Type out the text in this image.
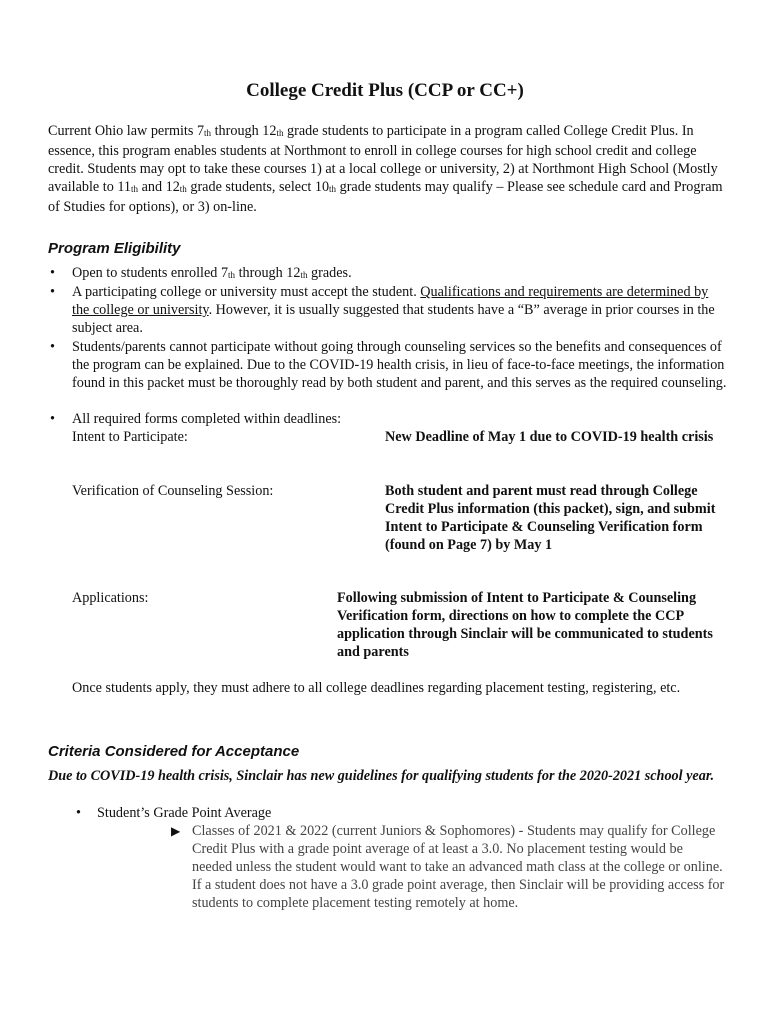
College Credit Plus (CCP or CC+)
Current Ohio law permits 7th through 12th grade students to participate in a program called College Credit Plus. In essence, this program enables students at Northmont to enroll in college courses for high school credit and college credit. Students may opt to take these courses 1) at a local college or university, 2) at Northmont High School (Mostly available to 11th and 12th grade students, select 10th grade students may qualify – Please see schedule card and Program of Studies for options), or 3) on-line.
Program Eligibility
• Open to students enrolled 7th through 12th grades.
• A participating college or university must accept the student. Qualifications and requirements are determined by the college or university. However, it is usually suggested that students have a “B” average in prior courses in the subject area.
• Students/parents cannot participate without going through counseling services so the benefits and consequences of the program can be explained. Due to the COVID-19 health crisis, in lieu of face-to-face meetings, the information found in this packet must be thoroughly read by both student and parent, and this serves as the required counseling.
• All required forms completed within deadlines:
Intent to Participate:	New Deadline of May 1 due to COVID-19 health crisis
Verification of Counseling Session:	Both student and parent must read through College Credit Plus information (this packet), sign, and submit Intent to Participate & Counseling Verification form (found on Page 7) by May 1
Applications:	Following submission of Intent to Participate & Counseling Verification form, directions on how to complete the CCP application through Sinclair will be communicated to students and parents
Once students apply, they must adhere to all college deadlines regarding placement testing, registering, etc.
Criteria Considered for Acceptance
Due to COVID-19 health crisis, Sinclair has new guidelines for qualifying students for the 2020-2021 school year.
• Student’s Grade Point Average
▶ Classes of 2021 & 2022 (current Juniors & Sophomores) - Students may qualify for College Credit Plus with a grade point average of at least a 3.0. No placement testing would be needed unless the student would want to take an advanced math class at the college or online. If a student does not have a 3.0 grade point average, then Sinclair will be providing access for students to complete placement testing remotely at home.
